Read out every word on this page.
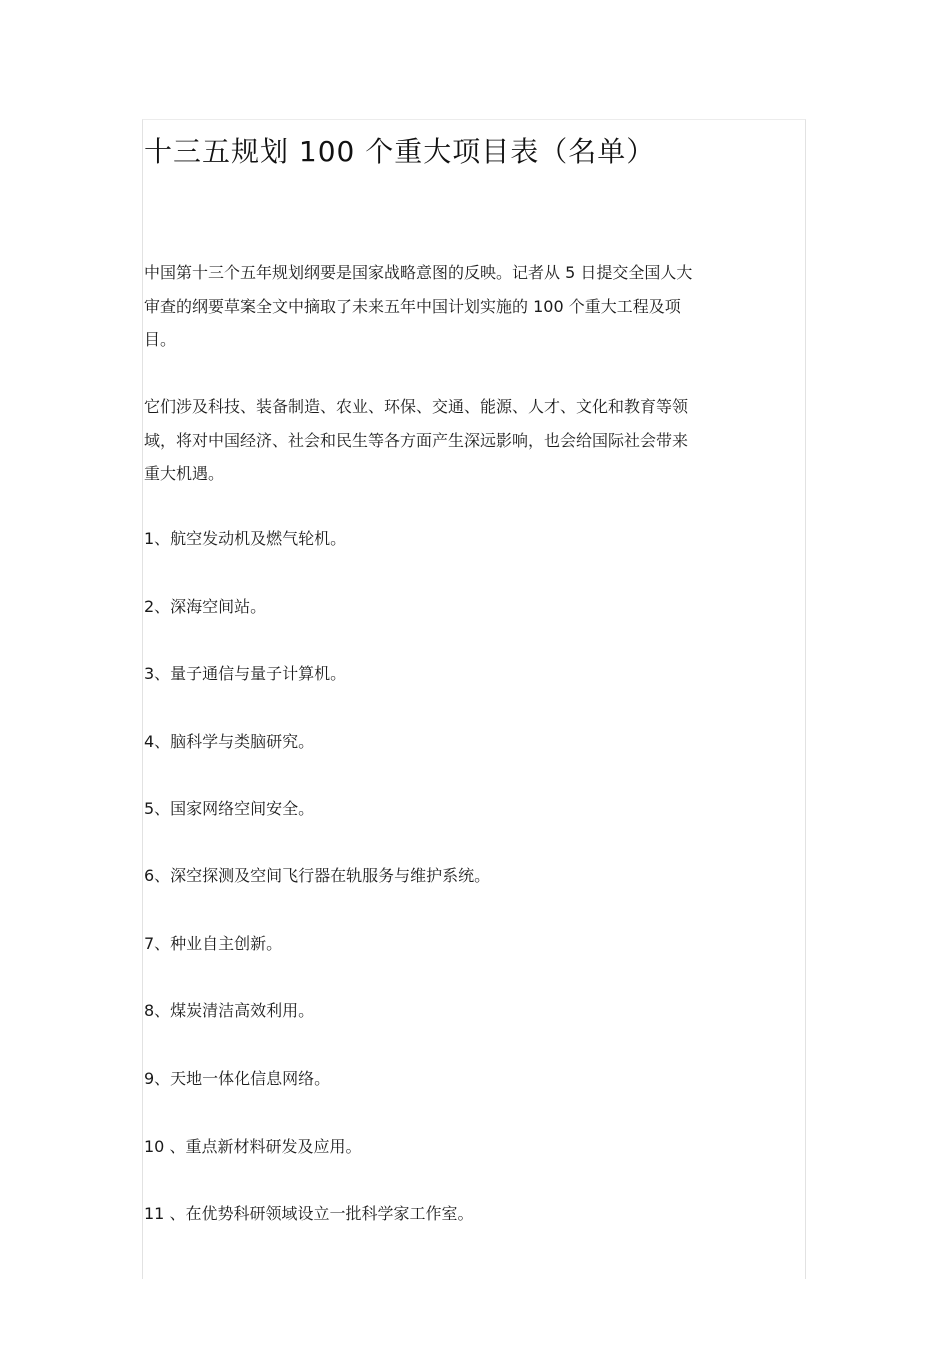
十三五规划 100 个重大项目表（名单）
中国第十三个五年规划纲要是国家战略意图的反映。记者从 5 日提交全国人大
审查的纲要草案全文中摘取了未来五年中国计划实施的 100 个重大工程及项
目。
它们涉及科技、装备制造、农业、环保、交通、能源、人才、文化和教育等领
域，将对中国经济、社会和民生等各方面产生深远影响，也会给国际社会带来
重大机遇。
1、航空发动机及燃气轮机。
2、深海空间站。
3、量子通信与量子计算机。
4、脑科学与类脑研究。
5、国家网络空间安全。
6、深空探测及空间飞行器在轨服务与维护系统。
7、种业自主创新。
8、煤炭清洁高效利用。
9、天地一体化信息网络。
10 、重点新材料研发及应用。
11 、在优势科研领域设立一批科学家工作室。
